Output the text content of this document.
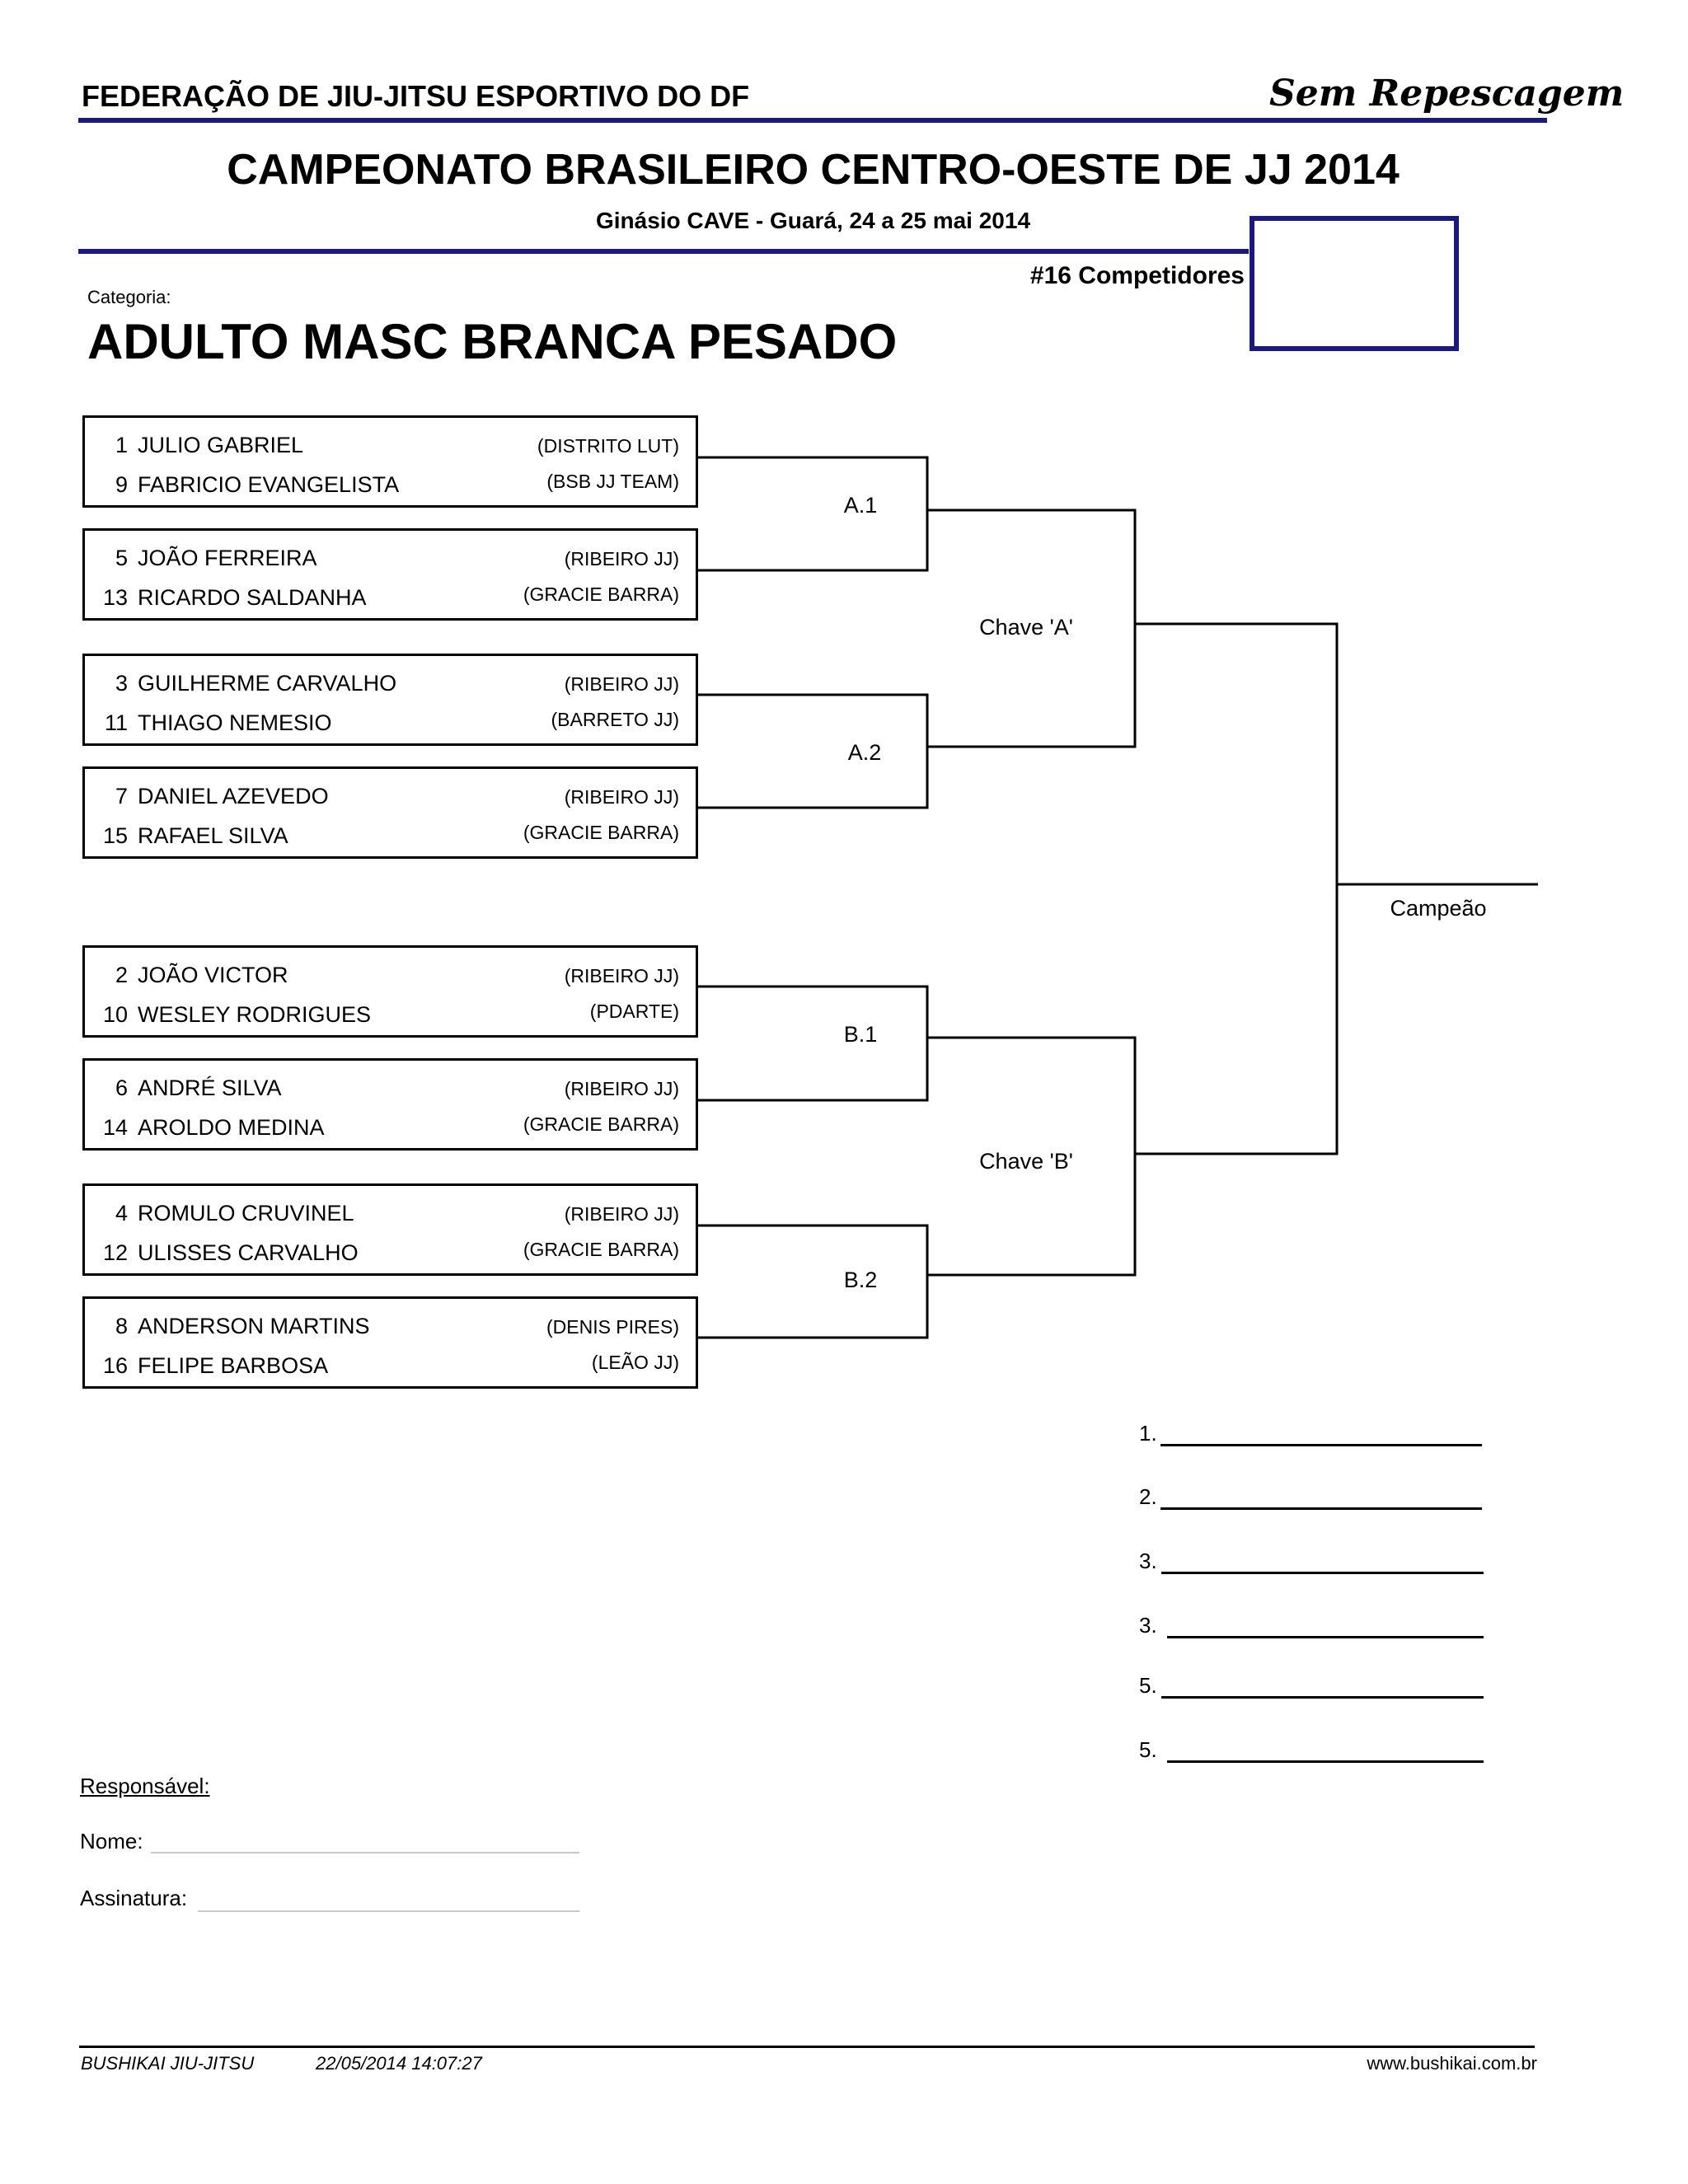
FEDERAÇÃO DE JIU-JITSU ESPORTIVO DO DF	Sem Repescagem
CAMPEONATO BRASILEIRO CENTRO-OESTE DE JJ 2014
Ginásio CAVE - Guará, 24 a 25 mai 2014
#16 Competidores
Categoria:
ADULTO MASC BRANCA PESADO
1 JULIO GABRIEL	(DISTRITO LUT)
9 FABRICIO EVANGELISTA	(BSB JJ TEAM)
5 JOÃO FERREIRA	(RIBEIRO JJ)
13 RICARDO SALDANHA	(GRACIE BARRA)
3 GUILHERME CARVALHO	(RIBEIRO JJ)
11 THIAGO NEMESIO	(BARRETO JJ)
7 DANIEL AZEVEDO	(RIBEIRO JJ)
15 RAFAEL SILVA	(GRACIE BARRA)
2 JOÃO VICTOR	(RIBEIRO JJ)
10 WESLEY RODRIGUES	(PDARTE)
6 ANDRÉ SILVA	(RIBEIRO JJ)
14 AROLDO MEDINA	(GRACIE BARRA)
4 ROMULO CRUVINEL	(RIBEIRO JJ)
12 ULISSES CARVALHO	(GRACIE BARRA)
8 ANDERSON MARTINS	(DENIS PIRES)
16 FELIPE BARBOSA	(LEÃO JJ)
A.1
A.2
B.1
B.2
Chave 'A'
Chave 'B'
Campeão
1.
2.
3.
3.
5.
5.
Responsável:
Nome:
Assinatura:
BUSHIKAI JIU-JITSU	22/05/2014 14:07:27	www.bushikai.com.br
